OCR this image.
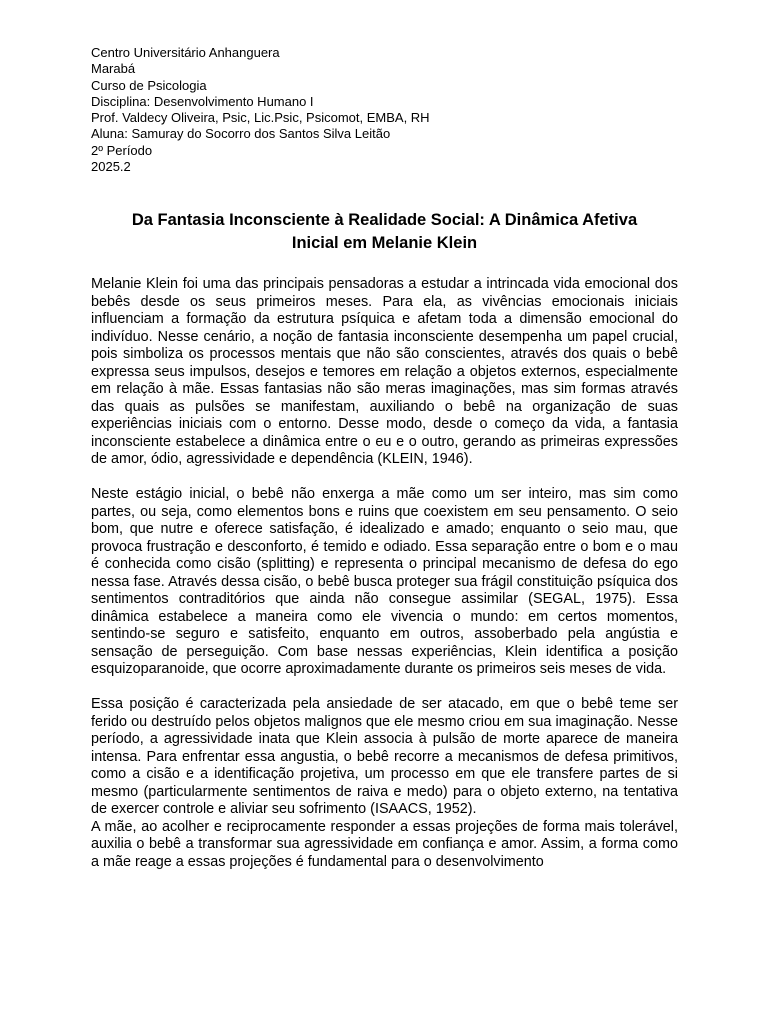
Centro Universitário Anhanguera

Marabá

Curso de Psicologia

Disciplina: Desenvolvimento Humano I

Prof. Valdecy Oliveira, Psic, Lic.Psic, Psicomot, EMBA, RH

Aluna: Samuray do Socorro dos Santos Silva Leitão

2º Período

2025.2

Da Fantasia Inconsciente à Realidade Social: A Dinâmica Afetiva
Inicial em Melanie Klein

Melanie Klein foi uma das principais pensadoras a estudar a intrincada vida emocional dos bebês desde os seus primeiros meses. Para ela, as vivências emocionais iniciais influenciam a formação da estrutura psíquica e afetam toda a dimensão emocional do indivíduo. Nesse cenário, a noção de fantasia inconsciente desempenha um papel crucial, pois simboliza os processos mentais que não são conscientes, através dos quais o bebê expressa seus impulsos, desejos e temores em relação a objetos externos, especialmente em relação à mãe. Essas fantasias não são meras imaginações, mas sim formas através das quais as pulsões se manifestam, auxiliando o bebê na organização de suas experiências iniciais com o entorno. Desse modo, desde o começo da vida, a fantasia inconsciente estabelece a dinâmica entre o eu e o outro, gerando as primeiras expressões de amor, ódio, agressividade e dependência (KLEIN, 1946).

Neste estágio inicial, o bebê não enxerga a mãe como um ser inteiro, mas sim como partes, ou seja, como elementos bons e ruins que coexistem em seu pensamento. O seio bom, que nutre e oferece satisfação, é idealizado e amado; enquanto o seio mau, que provoca frustração e desconforto, é temido e odiado. Essa separação entre o bom e o mau é conhecida como cisão (splitting) e representa o principal mecanismo de defesa do ego nessa fase. Através dessa cisão, o bebê busca proteger sua frágil constituição psíquica dos sentimentos contraditórios que ainda não consegue assimilar (SEGAL, 1975). Essa dinâmica estabelece a maneira como ele vivencia o mundo: em certos momentos, sentindo-se seguro e satisfeito, enquanto em outros, assoberbado pela angústia e sensação de perseguição. Com base nessas experiências, Klein identifica a posição esquizoparanoide, que ocorre aproximadamente durante os primeiros seis meses de vida.

Essa posição é caracterizada pela ansiedade de ser atacado, em que o bebê teme ser ferido ou destruído pelos objetos malignos que ele mesmo criou em sua imaginação. Nesse período, a agressividade inata que Klein associa à pulsão de morte aparece de maneira intensa. Para enfrentar essa angustia, o bebê recorre a mecanismos de defesa primitivos, como a cisão e a identificação projetiva, um processo em que ele transfere partes de si mesmo (particularmente sentimentos de raiva e medo) para o objeto externo, na tentativa de exercer controle e aliviar seu sofrimento (ISAACS, 1952).

A mãe, ao acolher e reciprocamente responder a essas projeções de forma mais tolerável, auxilia o bebê a transformar sua agressividade em confiança e amor. Assim, a forma como a mãe reage a essas projeções é fundamental para o desenvolvimento
